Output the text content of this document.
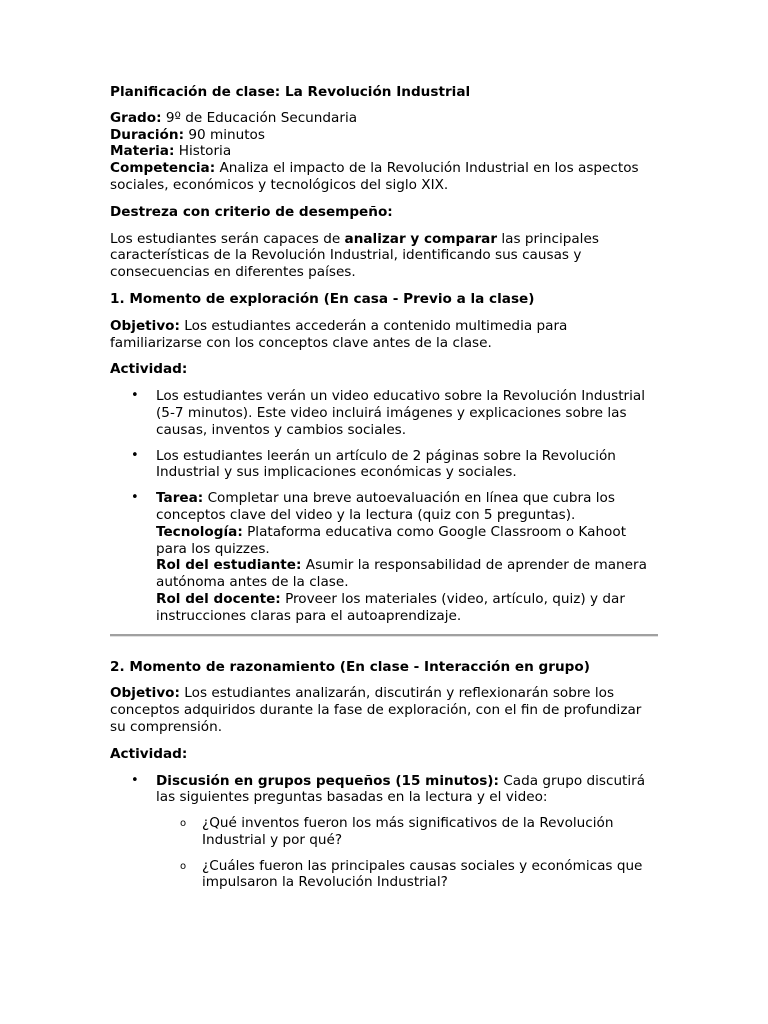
Planificación de clase: La Revolución Industrial

Grado: 9º de Educación Secundaria
Duración: 90 minutos
Materia: Historia
Competencia: Analiza el impacto de la Revolución Industrial en los aspectos sociales, económicos y tecnológicos del siglo XIX.

Destreza con criterio de desempeño:

Los estudiantes serán capaces de analizar y comparar las principales características de la Revolución Industrial, identificando sus causas y consecuencias en diferentes países.

1. Momento de exploración (En casa - Previo a la clase)

Objetivo: Los estudiantes accederán a contenido multimedia para familiarizarse con los conceptos clave antes de la clase.

Actividad:

• Los estudiantes verán un video educativo sobre la Revolución Industrial (5-7 minutos). Este video incluirá imágenes y explicaciones sobre las causas, inventos y cambios sociales.
• Los estudiantes leerán un artículo de 2 páginas sobre la Revolución Industrial y sus implicaciones económicas y sociales.
• Tarea: Completar una breve autoevaluación en línea que cubra los conceptos clave del video y la lectura (quiz con 5 preguntas).
Tecnología: Plataforma educativa como Google Classroom o Kahoot para los quizzes.
Rol del estudiante: Asumir la responsabilidad de aprender de manera autónoma antes de la clase.
Rol del docente: Proveer los materiales (video, artículo, quiz) y dar instrucciones claras para el autoaprendizaje.

2. Momento de razonamiento (En clase - Interacción en grupo)

Objetivo: Los estudiantes analizarán, discutirán y reflexionarán sobre los conceptos adquiridos durante la fase de exploración, con el fin de profundizar su comprensión.

Actividad:

• Discusión en grupos pequeños (15 minutos): Cada grupo discutirá las siguientes preguntas basadas en la lectura y el video:
o ¿Qué inventos fueron los más significativos de la Revolución Industrial y por qué?
o ¿Cuáles fueron las principales causas sociales y económicas que impulsaron la Revolución Industrial?
